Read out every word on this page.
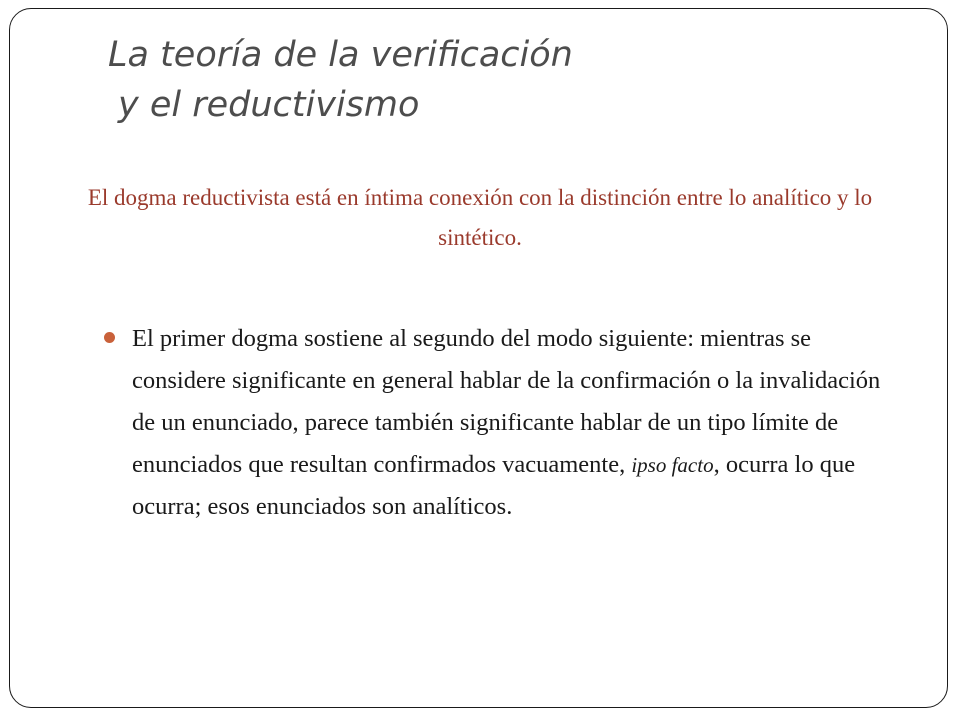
La teoría de la verificación
y el reductivismo
El dogma reductivista está en íntima conexión con la distinción entre lo analítico y lo sintético.
El primer dogma sostiene al segundo del modo siguiente: mientras se considere significante en general hablar de la confirmación o la invalidación de un enunciado, parece también significante hablar de un tipo límite de enunciados que resultan confirmados vacuamente, ipso facto, ocurra lo que ocurra; esos enunciados son analíticos.
